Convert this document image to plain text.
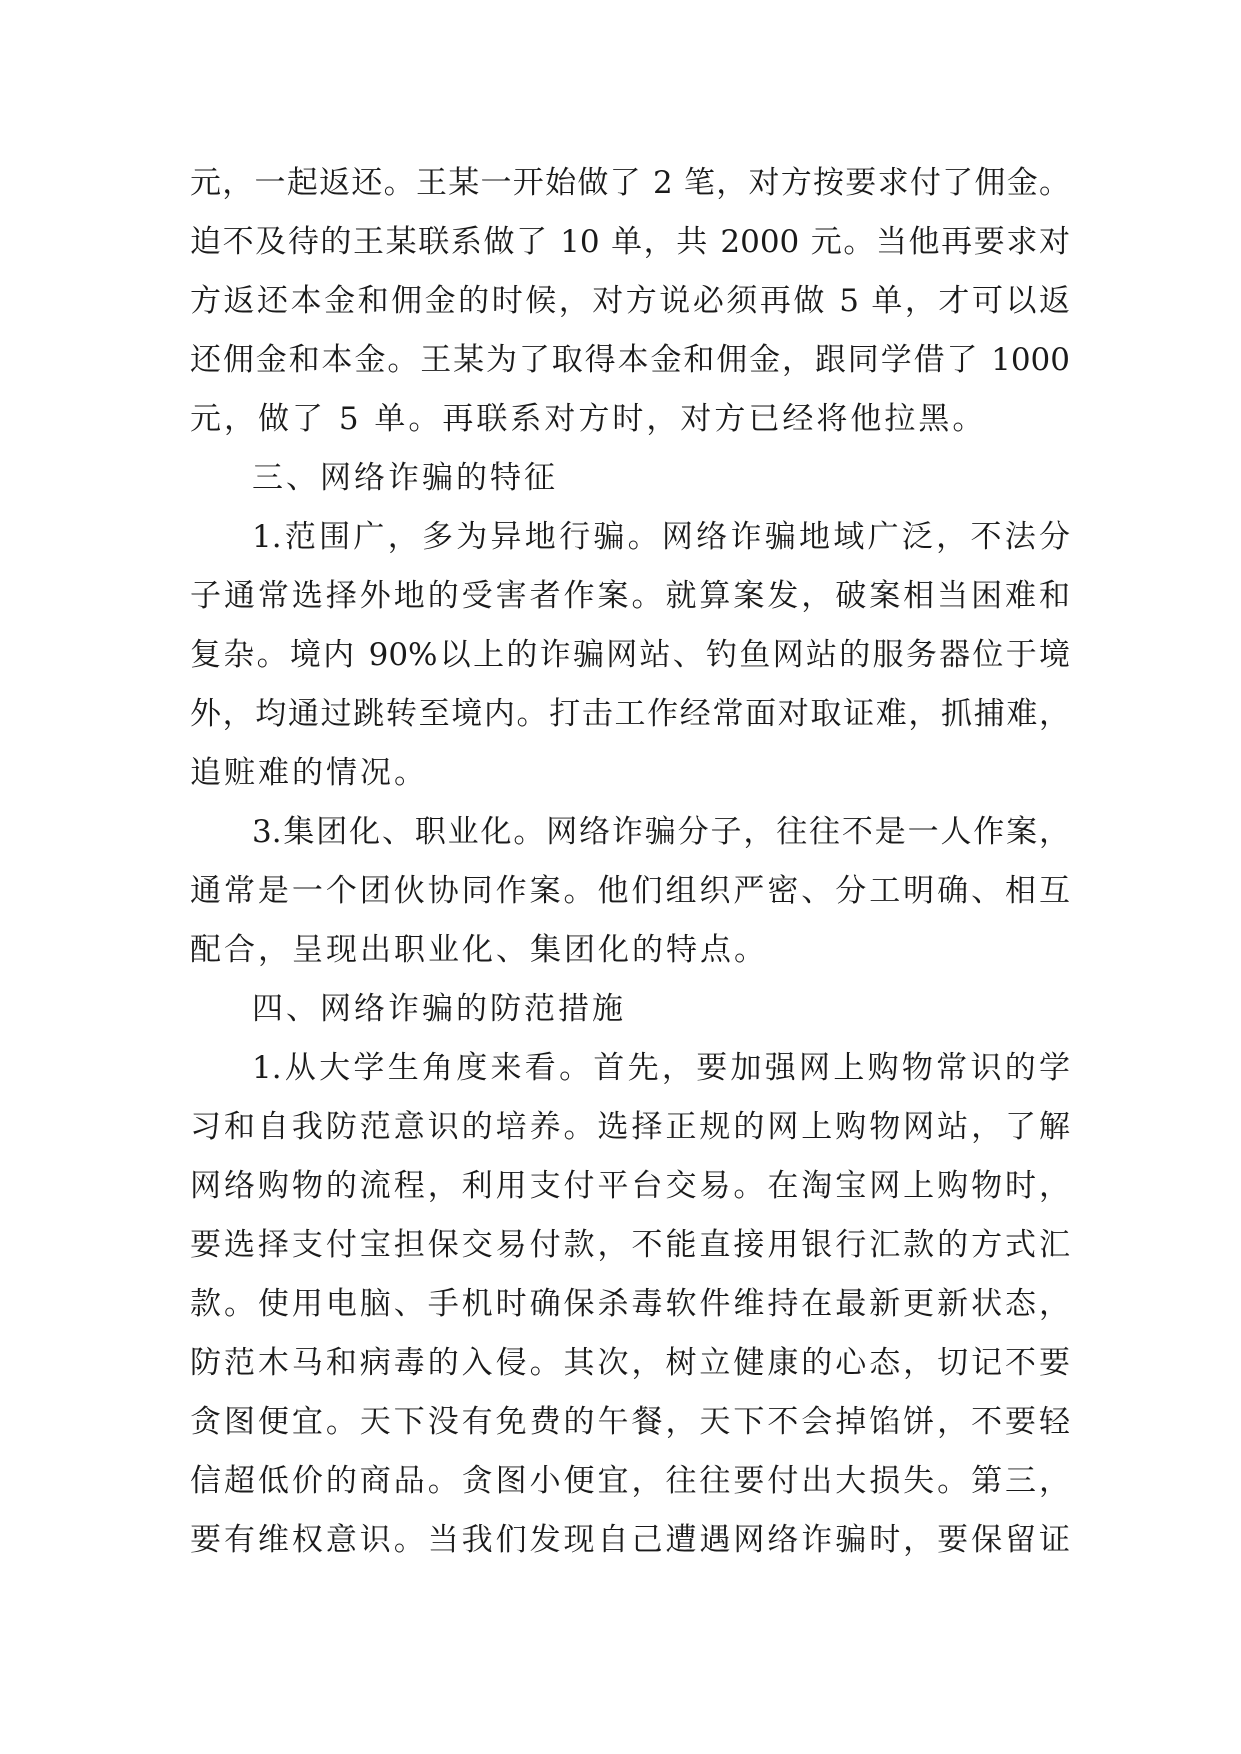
元，一起返还。王某一开始做了 2 笔，对方按要求付了佣金。
迫不及待的王某联系做了 10 单，共 2000 元。当他再要求对
方返还本金和佣金的时候，对方说必须再做 5 单，才可以返
还佣金和本金。王某为了取得本金和佣金，跟同学借了 1000
元，做了 5 单。再联系对方时，对方已经将他拉黑。
三、网络诈骗的特征
1.范围广，多为异地行骗。网络诈骗地域广泛，不法分
子通常选择外地的受害者作案。就算案发，破案相当困难和
复杂。境内 90%以上的诈骗网站、钓鱼网站的服务器位于境
外，均通过跳转至境内。打击工作经常面对取证难，抓捕难，
追赃难的情况。
3.集团化、职业化。网络诈骗分子，往往不是一人作案，
通常是一个团伙协同作案。他们组织严密、分工明确、相互
配合，呈现出职业化、集团化的特点。
四、网络诈骗的防范措施
1.从大学生角度来看。首先，要加强网上购物常识的学
习和自我防范意识的培养。选择正规的网上购物网站，了解
网络购物的流程，利用支付平台交易。在淘宝网上购物时，
要选择支付宝担保交易付款，不能直接用银行汇款的方式汇
款。使用电脑、手机时确保杀毒软件维持在最新更新状态，
防范木马和病毒的入侵。其次，树立健康的心态，切记不要
贪图便宜。天下没有免费的午餐，天下不会掉馅饼，不要轻
信超低价的商品。贪图小便宜，往往要付出大损失。第三，
要有维权意识。当我们发现自己遭遇网络诈骗时，要保留证
